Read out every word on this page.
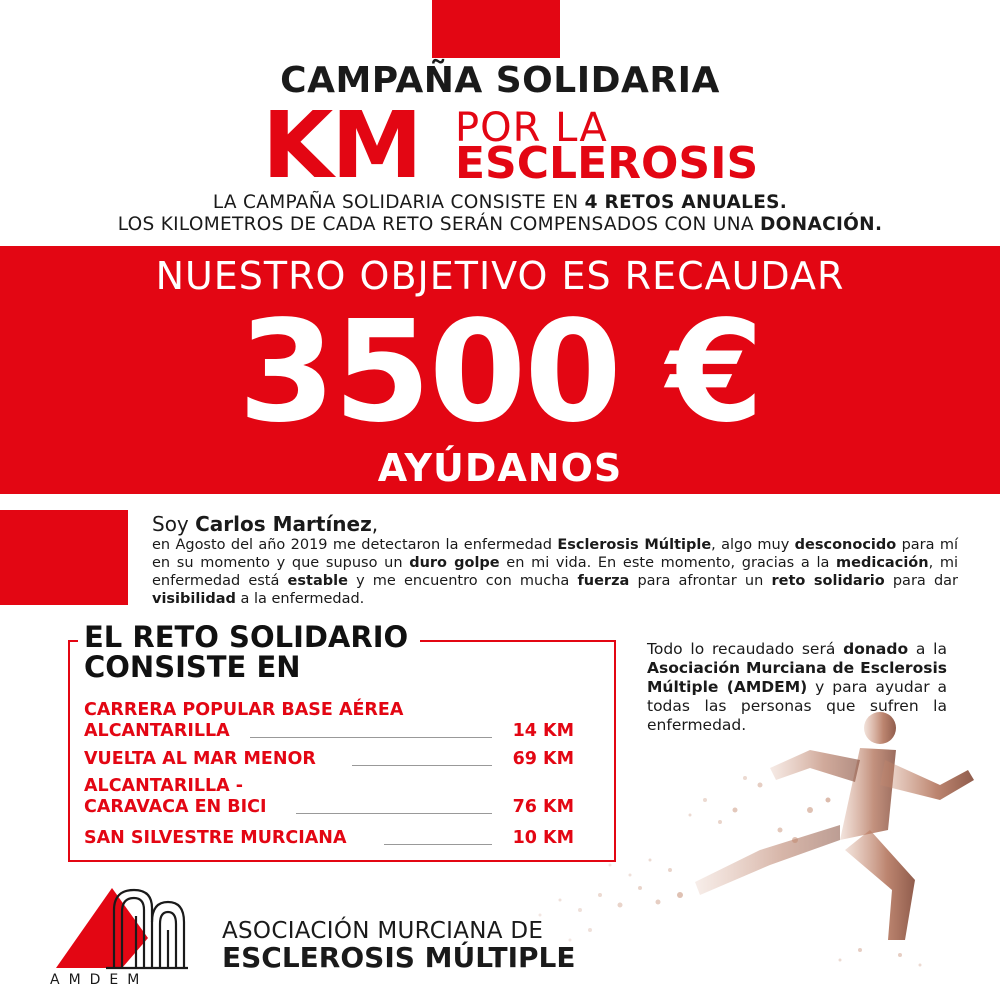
CAMPAÑA SOLIDARIA
KM POR LA
ESCLEROSIS
LA CAMPAÑA SOLIDARIA CONSISTE EN 4 RETOS ANUALES.
LOS KILOMETROS DE CADA RETO SERÁN COMPENSADOS CON UNA DONACIÓN.
NUESTRO OBJETIVO ES RECAUDAR
3500 €
AYÚDANOS
Soy Carlos Martínez,

en Agosto del año 2019 me detectaron la enfermedad Esclerosis Múltiple, algo muy desconocido para mí en su momento y que supuso un duro golpe en mi vida. En este momento, gracias a la medicación, mi enfermedad está estable y me encuentro con mucha fuerza para afrontar un reto solidario para dar visibilidad a la enfermedad.

EL RETO SOLIDARIO
CONSISTE EN
CARRERA POPULAR BASE AÉREA
ALCANTARILLA	14 KM
VUELTA AL MAR MENOR	69 KM
ALCANTARILLA -
CARAVACA EN BICI	76 KM
SAN SILVESTRE MURCIANA	10 KM
Todo lo recaudado será donado a la Asociación Murciana de Esclerosis Múltiple (AMDEM) y para ayudar a todas las personas que sufren la enfermedad.
AMDEM
ASOCIACIÓN MURCIANA DE
ESCLEROSIS MÚLTIPLE
